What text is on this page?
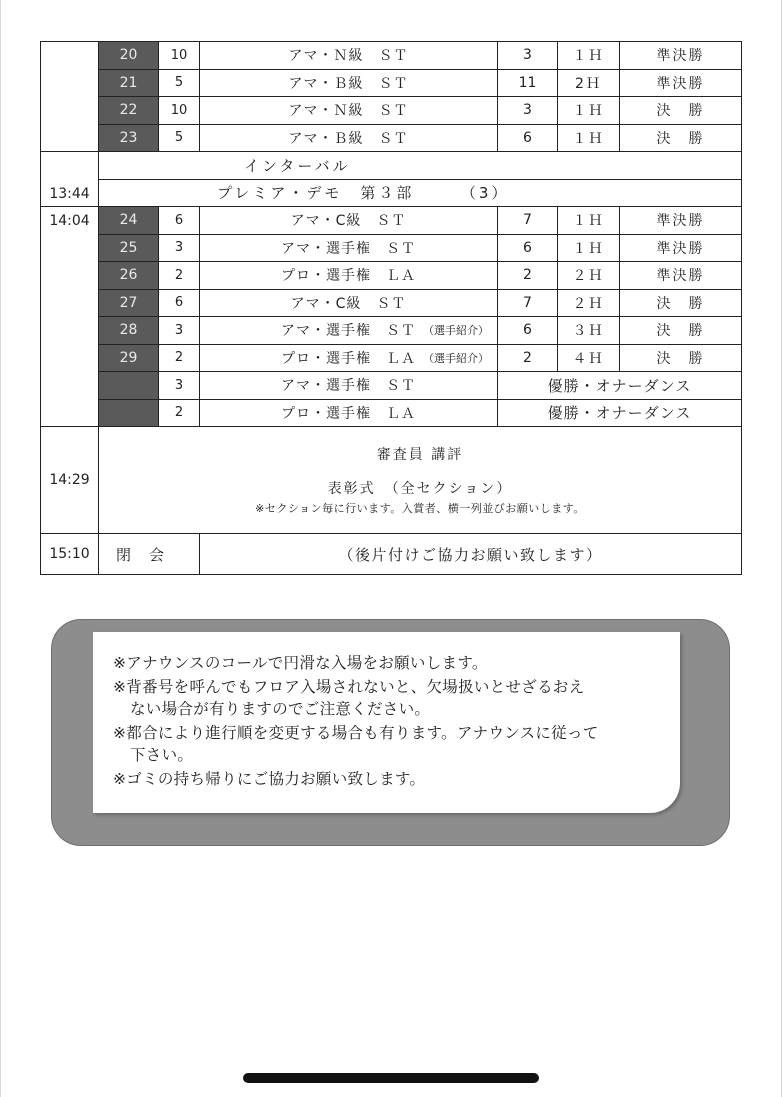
	20	10	アマ・Ｎ級　ＳＴ	3	１Ｈ	準決勝
	21	5	アマ・Ｂ級　ＳＴ	11	2Ｈ	準決勝
	22	10	アマ・Ｎ級　ＳＴ	3	１Ｈ	決　勝
	23	5	アマ・Ｂ級　ＳＴ	6	１Ｈ	決　勝
13:44	インターバル					
	プレミア・デモ　第３部　　　（3）					
14:04	24	6	アマ・C級　ＳＴ	7	１Ｈ	準決勝
	25	3	アマ・選手権　ＳＴ	6	１Ｈ	準決勝
	26	2	プロ・選手権　ＬＡ	2	２Ｈ	準決勝
	27	6	アマ・C級　ＳＴ	7	２Ｈ	決　勝
	28	3	アマ・選手権　ＳＴ （選手紹介）	6	３Ｈ	決　勝
	29	2	プロ・選手権　ＬＡ （選手紹介）	2	４Ｈ	決　勝
		3	アマ・選手権　ＳＴ	優勝・オナーダンス		
		2	プロ・選手権　ＬＡ	優勝・オナーダンス		
14:29	審査員 講評
表彰式　（全セクション）
※セクション毎に行います。入賞者、横一列並びお願いします。					

15:10	閉会		（後片付けご協力お願い致します）			
※アナウンスのコールで円滑な入場をお願いします。
※背番号を呼んでもフロア入場されないと、欠場扱いとせざるおえ
ない場合が有りますのでご注意ください。
※都合により進行順を変更する場合も有ります。アナウンスに従って
下さい。
※ゴミの持ち帰りにご協力お願い致します。
